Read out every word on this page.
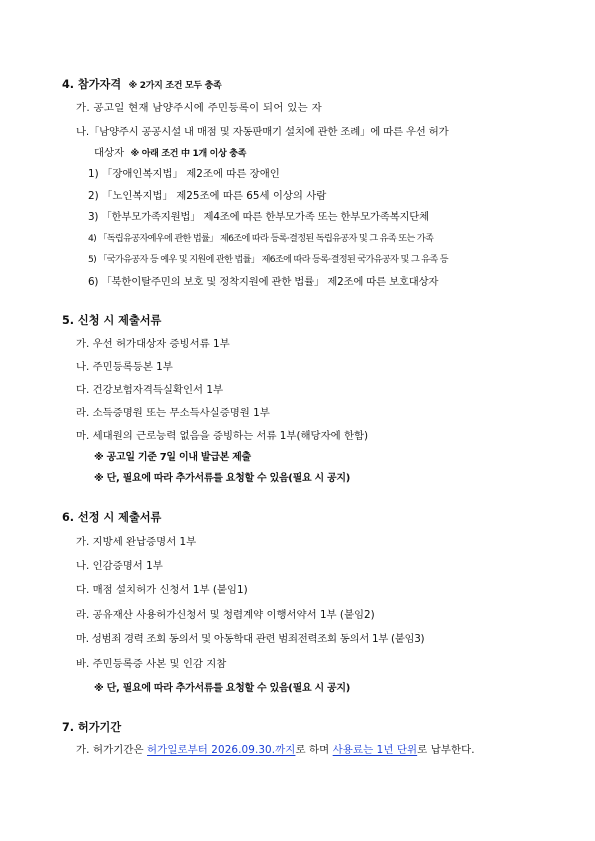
4. 참가자격 ※ 2가지 조건 모두 충족
가. 공고일 현재 남양주시에 주민등록이 되어 있는 자
나.「남양주시 공공시설 내 매점 및 자동판매기 설치에 관한 조례」에 따른 우선 허가
대상자 ※ 아래 조건 中 1개 이상 충족
1) 「장애인복지법」 제2조에 따른 장애인
2) 「노인복지법」 제25조에 따른 65세 이상의 사람
3) 「한부모가족지원법」 제4조에 따른 한부모가족 또는 한부모가족복지단체
4) 「독립유공자예우에 관한 법률」 제6조에 따라 등록·결정된 독립유공자 및 그 유족 또는 가족
5) 「국가유공자 등 예우 및 지원에 관한 법률」 제6조에 따라 등록·결정된 국가유공자 및 그 유족 등
6) 「북한이탈주민의 보호 및 정착지원에 관한 법률」 제2조에 따른 보호대상자
5. 신청 시 제출서류
가. 우선 허가대상자 증빙서류 1부
나. 주민등록등본 1부
다. 건강보험자격득실확인서 1부
라. 소득증명원 또는 무소득사실증명원 1부
마. 세대원의 근로능력 없음을 증빙하는 서류 1부(해당자에 한함)
※ 공고일 기준 7일 이내 발급본 제출
※ 단, 필요에 따라 추가서류를 요청할 수 있음(필요 시 공지)
6. 선정 시 제출서류
가. 지방세 완납증명서 1부
나. 인감증명서 1부
다. 매점 설치허가 신청서 1부 (붙임1)
라. 공유재산 사용허가신청서 및 청렴계약 이행서약서 1부 (붙임2)
마. 성범죄 경력 조회 동의서 및 아동학대 관련 범죄전력조회 동의서 1부 (붙임3)
바. 주민등록증 사본 및 인감 지참
※ 단, 필요에 따라 추가서류를 요청할 수 있음(필요 시 공지)
7. 허가기간
가. 허가기간은 허가일로부터 2026.09.30.까지로 하며 사용료는 1년 단위로 납부한다.
